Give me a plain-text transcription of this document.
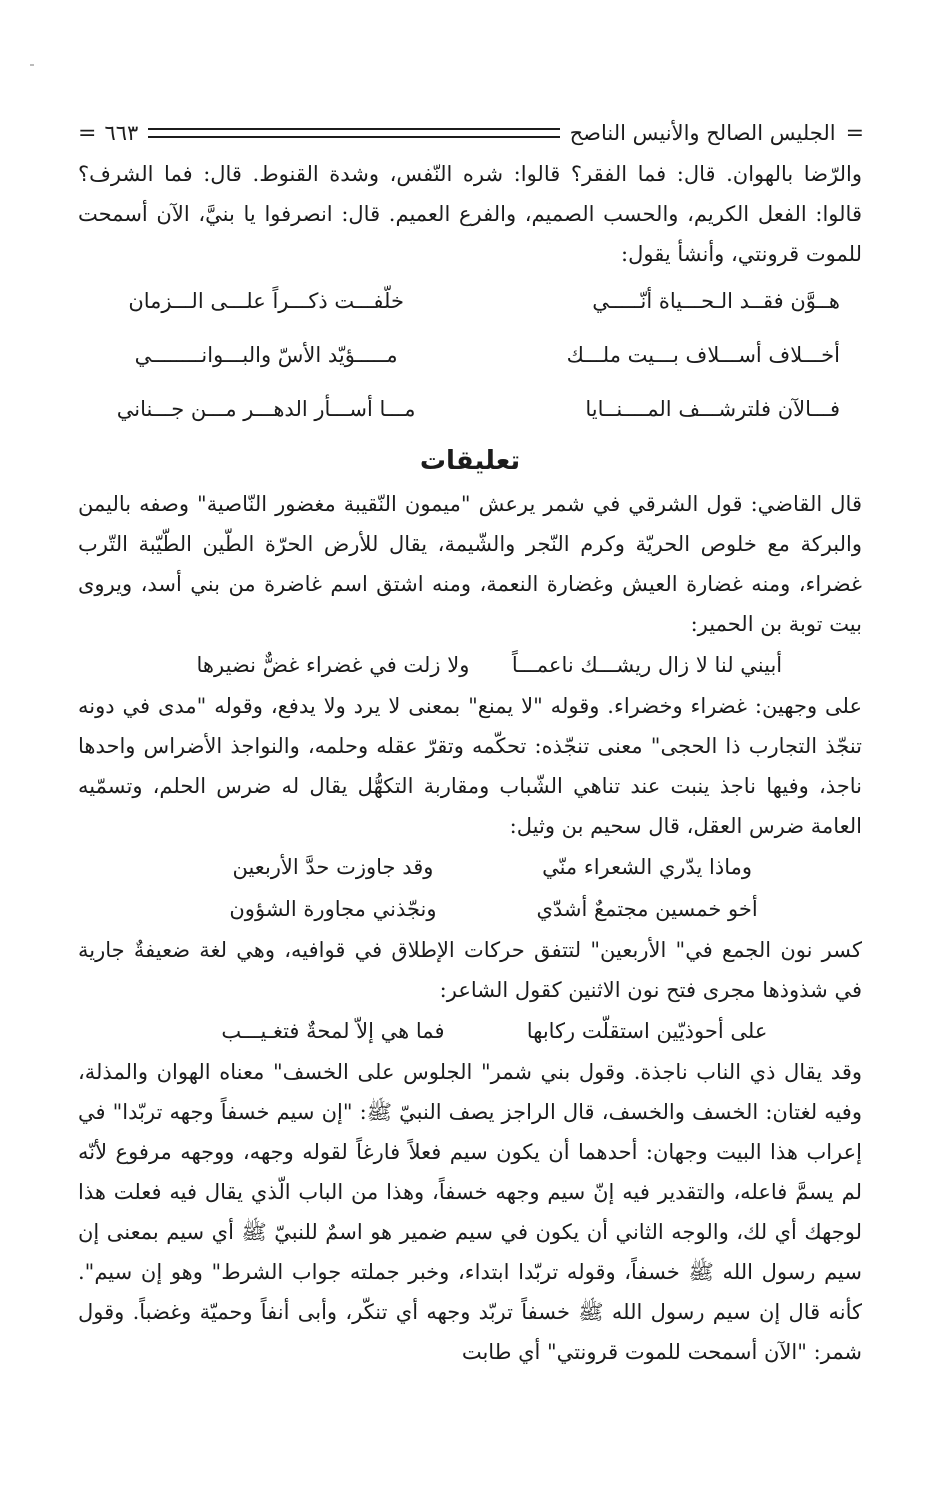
=
الجليس الصالح والأنيس الناصح
٦٦٣
=

والرّضا بالهوان. قال: فما الفقر؟ قالوا: شره النّفس، وشدة القنوط. قال: فما الشرف؟ قالوا: الفعل الكريم، والحسب الصميم، والفرع العميم. قال: انصرفوا يا بنيَّ، الآن أسمحت للموت قرونتي، وأنشأ يقول:

هــوَّن فقــد الـحـــياة أنّـــــي
خلّفـــت ذكـــراً علـــى الـــزمان
أخـــلاف أســـلاف بـــيت ملـــك
مـــــؤيّد الأسّ والبـــوانــــــــي
فـــالآن فلترشـــف المــــنــايا
مـــا أســـأر الدهـــر مـــن جـــناني
تعليقات

قال القاضي: قول الشرقي في شمر يرعش "ميمون النّقيبة مغضور النّاصية" وصفه باليمن والبركة مع خلوص الحريّة وكرم النّجر والشّيمة، يقال للأرض الحرّة الطّين الطّيّبة التّرب غضراء، ومنه غضارة العيش وغضارة النعمة، ومنه اشتق اسم غاضرة من بني أسد، ويروى بيت توبة بن الحمير:

أبيني لنا لا زال ريشـــك ناعمـــاً
ولا زلت في غضراء غضٌّ نضيرها

على وجهين: غضراء وخضراء. وقوله "لا يمنع" بمعنى لا يرد ولا يدفع، وقوله "مدى في دونه تنجّذ التجارب ذا الحجى" معنى تنجّذه: تحكّمه وتقرّ عقله وحلمه، والنواجذ الأضراس واحدها ناجذ، وفيها ناجذ ينبت عند تناهي الشّباب ومقاربة التكهُّل يقال له ضرس الحلم، وتسمّيه العامة ضرس العقل، قال سحيم بن وثيل:

وماذا يدّري الشعراء منّي
وقد جاوزت حدَّ الأربعين
أخو خمسين مجتمعٌ أشدّي
ونجّذني مجاورة الشؤون

كسر نون الجمع في" الأربعين" لتتفق حركات الإطلاق في قوافيه، وهي لغة ضعيفةٌ جارية في شذوذها مجرى فتح نون الاثنين كقول الشاعر:

على أحوذيّين استقلّت ركابها
فما هي إلاّ لمحةٌ فتغـيـــب

وقد يقال ذي الناب ناجذة. وقول بني شمر" الجلوس على الخسف" معناه الهوان والمذلة، وفيه لغتان: الخسف والخسف، قال الراجز يصف النبيّ ﷺ: "إن سيم خسفاً وجهه تربّدا" في إعراب هذا البيت وجهان: أحدهما أن يكون سيم فعلاً فارغاً لقوله وجهه، ووجهه مرفوع لأنّه لم يسمَّ فاعله، والتقدير فيه إنّ سيم وجهه خسفاً، وهذا من الباب الّذي يقال فيه فعلت هذا لوجهك أي لك، والوجه الثاني أن يكون في سيم ضمير هو اسمٌ للنبيّ ﷺ أي سيم بمعنى إن سيم رسول الله ﷺ خسفاً، وقوله تربّدا ابتداء، وخبر جملته جواب الشرط" وهو إن سيم". كأنه قال إن سيم رسول الله ﷺ خسفاً تربّد وجهه أي تنكّر، وأبى أنفاً وحميّة وغضباً. وقول شمر: "الآن أسمحت للموت قرونتي" أي طابت
